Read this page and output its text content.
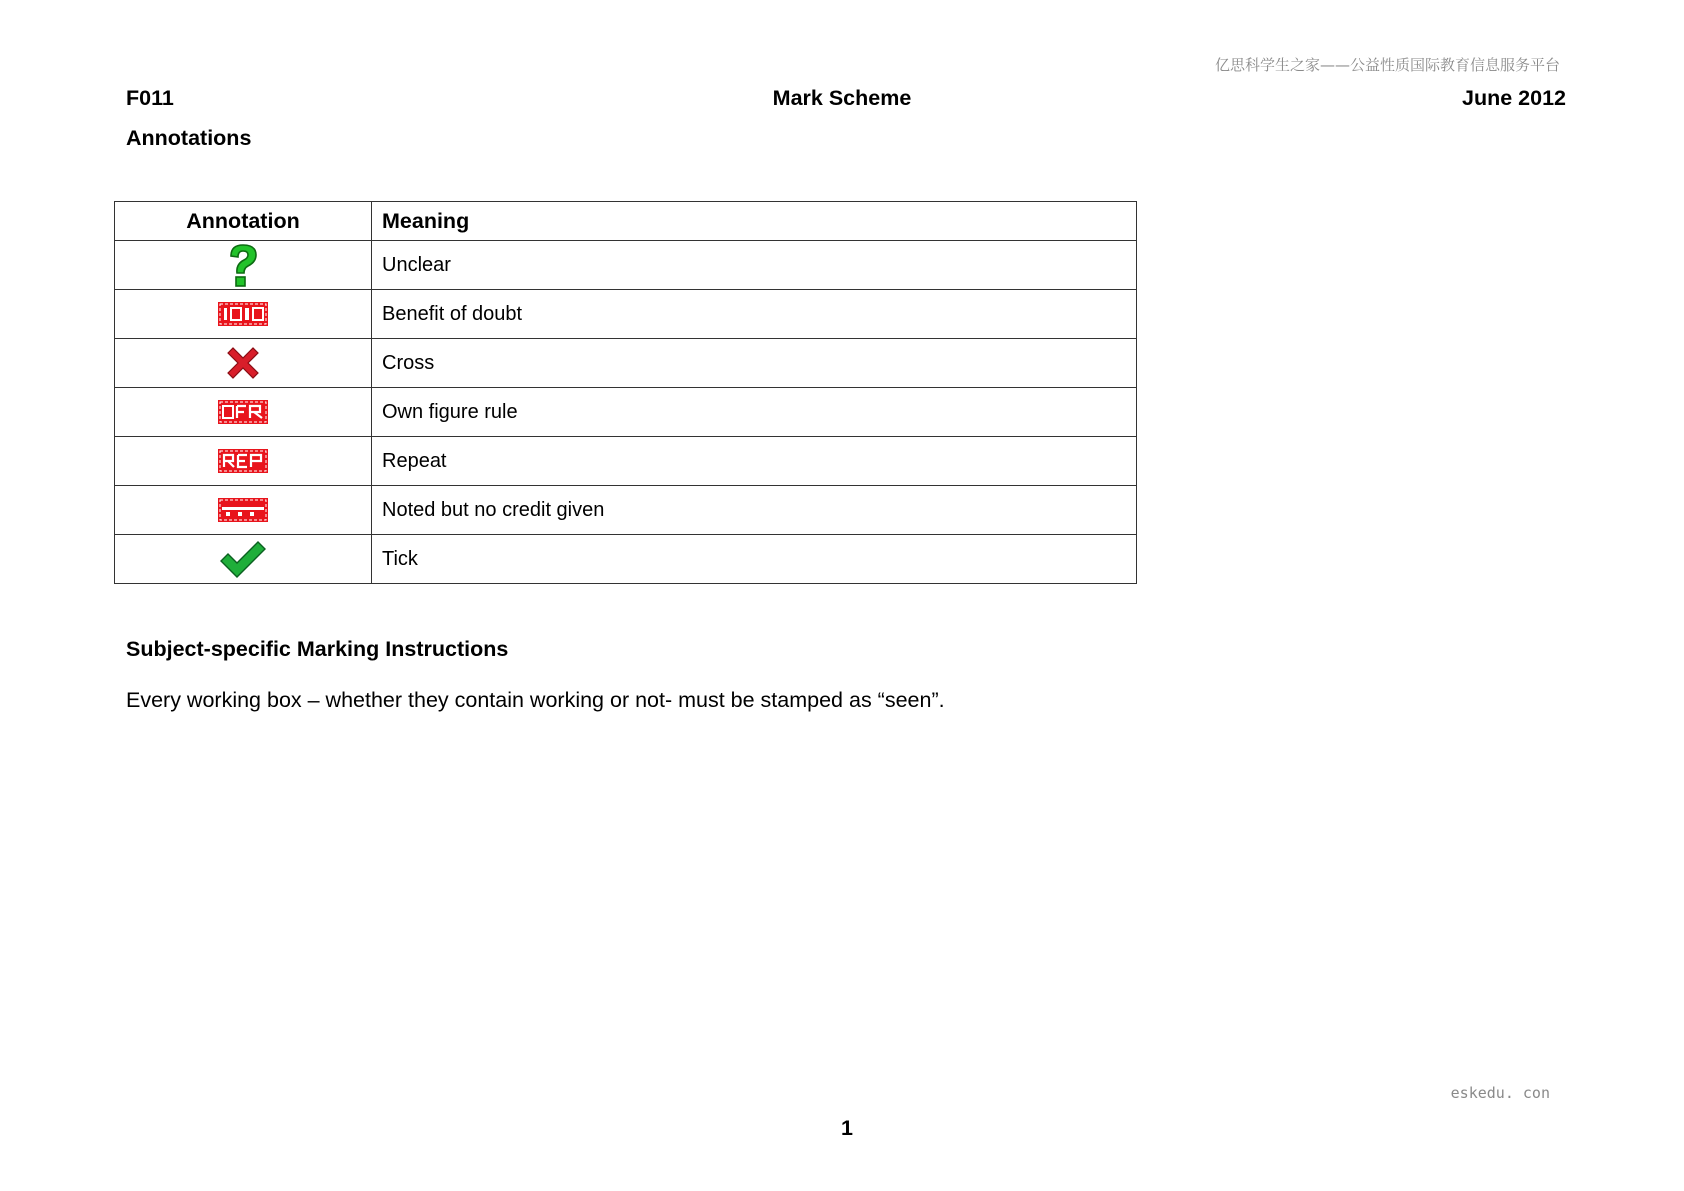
亿思科学生之家——公益性质国际教育信息服务平台
F011	Mark Scheme	June 2012
Annotations
Annotation	Meaning
	Unclear
	Benefit of doubt
	Cross
	Own figure rule
	Repeat
	Noted but no credit given
	Tick
Subject-specific Marking Instructions
Every working box – whether they contain working or not- must be stamped as “seen”.
eskedu. con
1
